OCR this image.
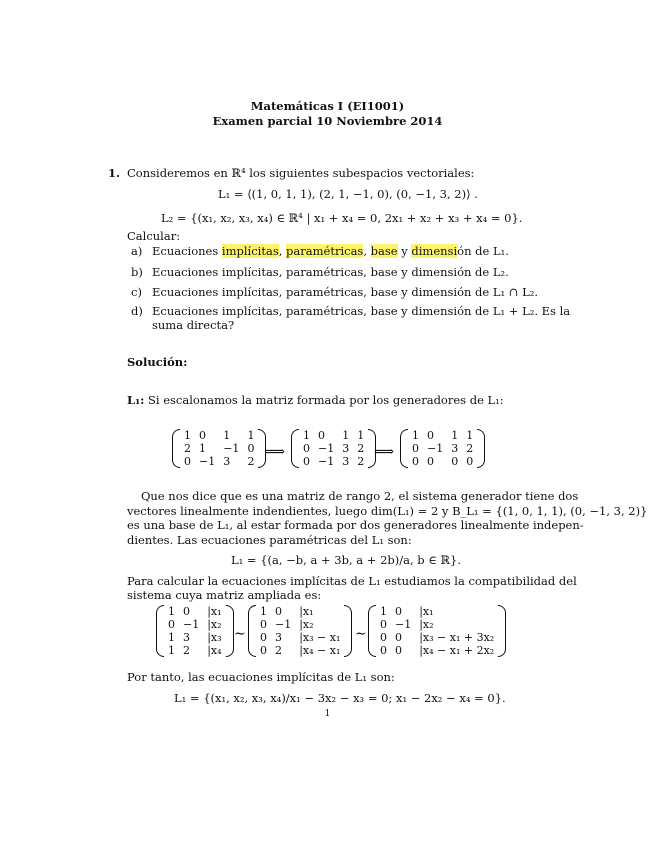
Matemáticas I (EI1001)
Examen parcial 10 Noviembre 2014
1. Consideremos en ℝ⁴ los siguientes subespacios vectoriales:
L₁ = ⟨(1, 0, 1, 1), (2, 1, −1, 0), (0, −1, 3, 2)⟩ .
L₂ = {(x₁, x₂, x₃, x₄) ∈ ℝ⁴ | x₁ + x₄ = 0, 2x₁ + x₂ + x₃ + x₄ = 0}.
Calcular:
a) Ecuaciones implícitas, paramétricas, base y dimensión de L₁.
b) Ecuaciones implícitas, paramétricas, base y dimensión de L₂.
c) Ecuaciones implícitas, paramétricas, base y dimensión de L₁ ∩ L₂.
d) Ecuaciones implícitas, paramétricas, base y dimensión de L₁ + L₂. Es la
suma directa?
Solución:
L₁: Si escalonamos la matriz formada por los generadores de L₁:
1	0	1	1
2	1	−1	0
0	−1	3	2
⟹
1	0	1	1
0	−1	3	2
0	−1	3	2
⟹
1	0	1	1
0	−1	3	2
0	0	0	0
Que nos dice que es una matriz de rango 2, el sistema generador tiene dos
vectores linealmente indendientes, luego dim(L₁) = 2 y B_L₁ = {(1, 0, 1, 1), (0, −1, 3, 2)}
es una base de L₁, al estar formada por dos generadores linealmente indepen-
dientes. Las ecuaciones paramétricas del L₁ son:
L₁ = {(a, −b, a + 3b, a + 2b)/a, b ∈ ℝ}.
Para calcular la ecuaciones implícitas de L₁ estudiamos la compatibilidad del
sistema cuya matriz ampliada es:
1	0	|x₁
0	−1	|x₂
1	3	|x₃
1	2	|x₄
∼
1	0	|x₁
0	−1	|x₂
0	3	|x₃ − x₁
0	2	|x₄ − x₁
∼
1	0	|x₁
0	−1	|x₂
0	0	|x₃ − x₁ + 3x₂
0	0	|x₄ − x₁ + 2x₂
Por tanto, las ecuaciones implícitas de L₁ son:
L₁ = {(x₁, x₂, x₃, x₄)/x₁ − 3x₂ − x₃ = 0; x₁ − 2x₂ − x₄ = 0}.
1
